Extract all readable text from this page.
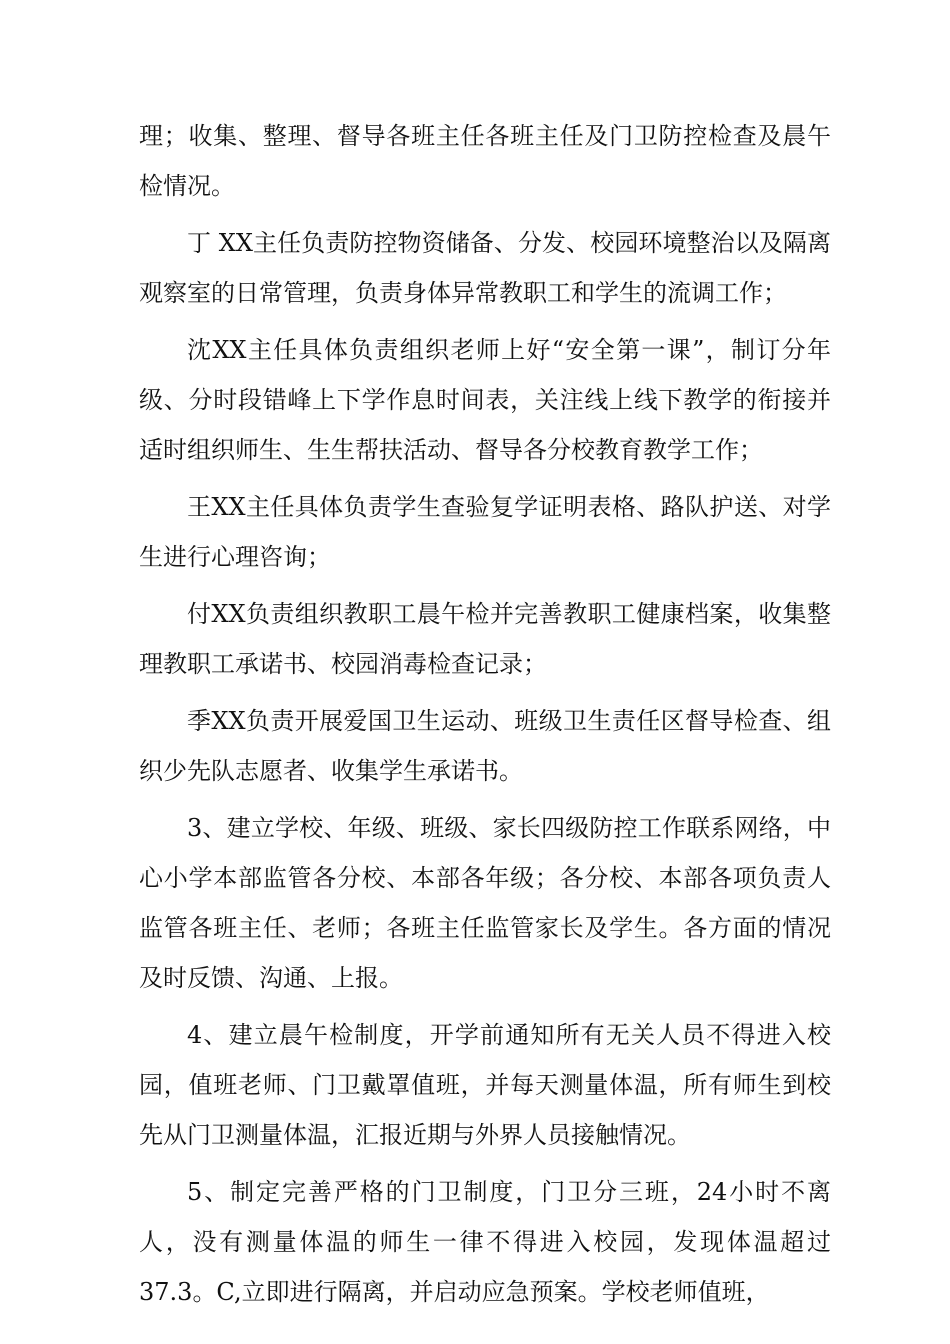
理；收集、整理、督导各班主任各班主任及门卫防控检查及晨午检情况。

丁 XX主任负责防控物资储备、分发、校园环境整治以及隔离观察室的日常管理，负责身体异常教职工和学生的流调工作；

沈XX主任具体负责组织老师上好“安全第一课”，制订分年级、分时段错峰上下学作息时间表，关注线上线下教学的衔接并适时组织师生、生生帮扶活动、督导各分校教育教学工作；

王XX主任具体负责学生查验复学证明表格、路队护送、对学生进行心理咨询；

付XX负责组织教职工晨午检并完善教职工健康档案，收集整理教职工承诺书、校园消毒检查记录；

季XX负责开展爱国卫生运动、班级卫生责任区督导检查、组织少先队志愿者、收集学生承诺书。

3、建立学校、年级、班级、家长四级防控工作联系网络，中心小学本部监管各分校、本部各年级；各分校、本部各项负责人监管各班主任、老师；各班主任监管家长及学生。各方面的情况及时反馈、沟通、上报。

4、建立晨午检制度，开学前通知所有无关人员不得进入校园，值班老师、门卫戴罩值班，并每天测量体温，所有师生到校先从门卫测量体温，汇报近期与外界人员接触情况。

5、制定完善严格的门卫制度，门卫分三班，24小时不离人，没有测量体温的师生一律不得进入校园，发现体温超过37.3。C,立即进行隔离，并启动应急预案。学校老师值班，
